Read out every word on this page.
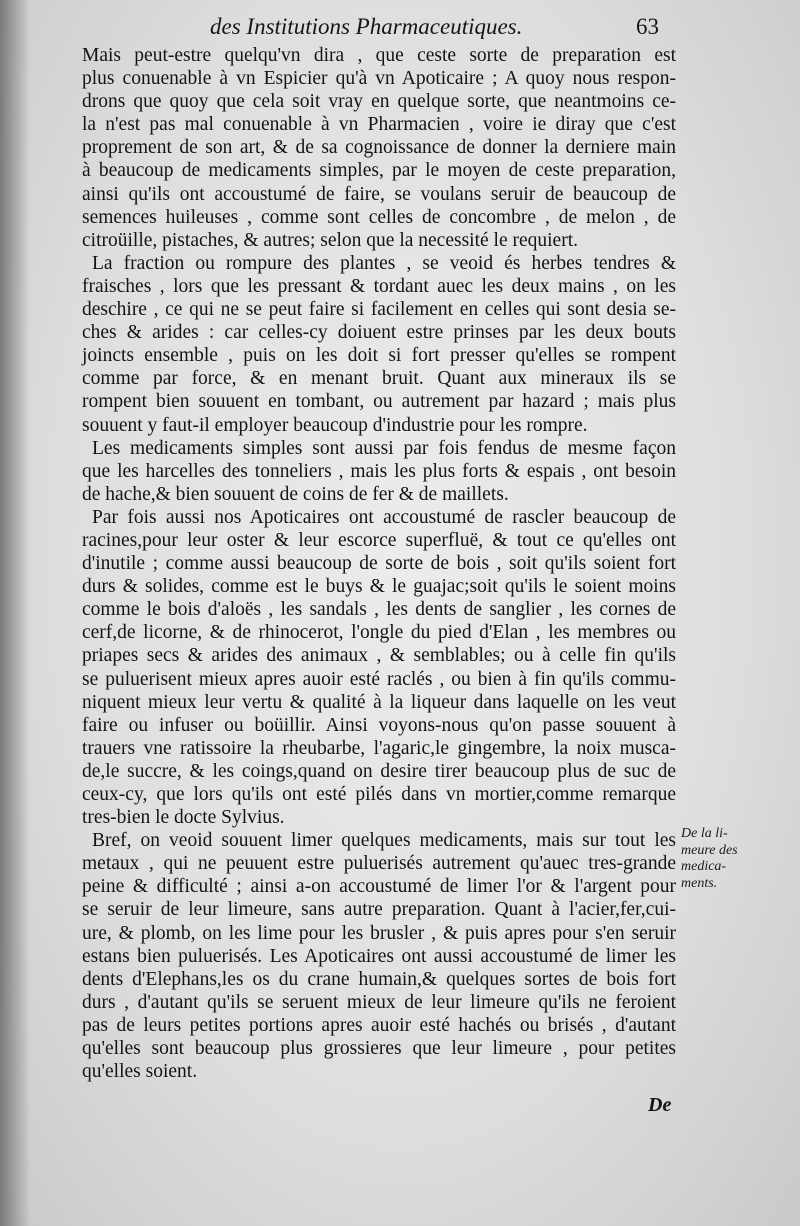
des Institutions Pharmaceutiques.	63
Mais peut-estre quelqu'vn dira , que ceste sorte de preparation est
plus conuenable à vn Espicier qu'à vn Apoticaire ; A quoy nous respon-
drons que quoy que cela soit vray en quelque sorte, que neantmoins ce-
la n'est pas mal conuenable à vn Pharmacien , voire ie diray que c'est
proprement de son art, & de sa cognoissance de donner la derniere main
à beaucoup de medicaments simples, par le moyen de ceste preparation,
ainsi qu'ils ont accoustumé de faire, se voulans seruir de beaucoup de
semences huileuses , comme sont celles de concombre , de melon , de
citroüille, pistaches, & autres; selon que la necessité le requiert.
La fraction ou rompure des plantes , se veoid és herbes tendres &
fraisches , lors que les pressant & tordant auec les deux mains , on les
deschire , ce qui ne se peut faire si facilement en celles qui sont desia se-
ches & arides : car celles-cy doiuent estre prinses par les deux bouts
joincts ensemble , puis on les doit si fort presser qu'elles se rompent
comme par force, & en menant bruit. Quant aux mineraux ils se
rompent bien souuent en tombant, ou autrement par hazard ; mais plus
souuent y faut-il employer beaucoup d'industrie pour les rompre.
Les medicaments simples sont aussi par fois fendus de mesme façon
que les harcelles des tonneliers , mais les plus forts & espais , ont besoin
de hache,& bien souuent de coins de fer & de maillets.
Par fois aussi nos Apoticaires ont accoustumé de rascler beaucoup de
racines,pour leur oster & leur escorce superfluë, & tout ce qu'elles ont
d'inutile ; comme aussi beaucoup de sorte de bois , soit qu'ils soient fort
durs & solides, comme est le buys & le guajac;soit qu'ils le soient moins
comme le bois d'aloës , les sandals , les dents de sanglier , les cornes de
cerf,de licorne, & de rhinocerot, l'ongle du pied d'Elan , les membres ou
priapes secs & arides des animaux , & semblables; ou à celle fin qu'ils
se puluerisent mieux apres auoir esté raclés , ou bien à fin qu'ils commu-
niquent mieux leur vertu & qualité à la liqueur dans laquelle on les veut
faire ou infuser ou boüillir. Ainsi voyons-nous qu'on passe souuent à
trauers vne ratissoire la rheubarbe, l'agaric,le gingembre, la noix musca-
de,le succre, & les coings,quand on desire tirer beaucoup plus de suc de
ceux-cy, que lors qu'ils ont esté pilés dans vn mortier,comme remarque
tres-bien le docte Sylvius.
Bref, on veoid souuent limer quelques medicaments, mais sur tout les
metaux , qui ne peuuent estre puluerisés autrement qu'auec tres-grande
peine & difficulté ; ainsi a-on accoustumé de limer l'or & l'argent pour
se seruir de leur limeure, sans autre preparation. Quant à l'acier,fer,cui-
ure, & plomb, on les lime pour les brusler , & puis apres pour s'en seruir
estans bien puluerisés. Les Apoticaires ont aussi accoustumé de limer les
dents d'Elephans,les os du crane humain,& quelques sortes de bois fort
durs , d'autant qu'ils se seruent mieux de leur limeure qu'ils ne feroient
pas de leurs petites portions apres auoir esté hachés ou brisés , d'autant
qu'elles sont beaucoup plus grossieres que leur limeure , pour petites
qu'elles soient.
De la li-
meure des
medica-
ments.
De
